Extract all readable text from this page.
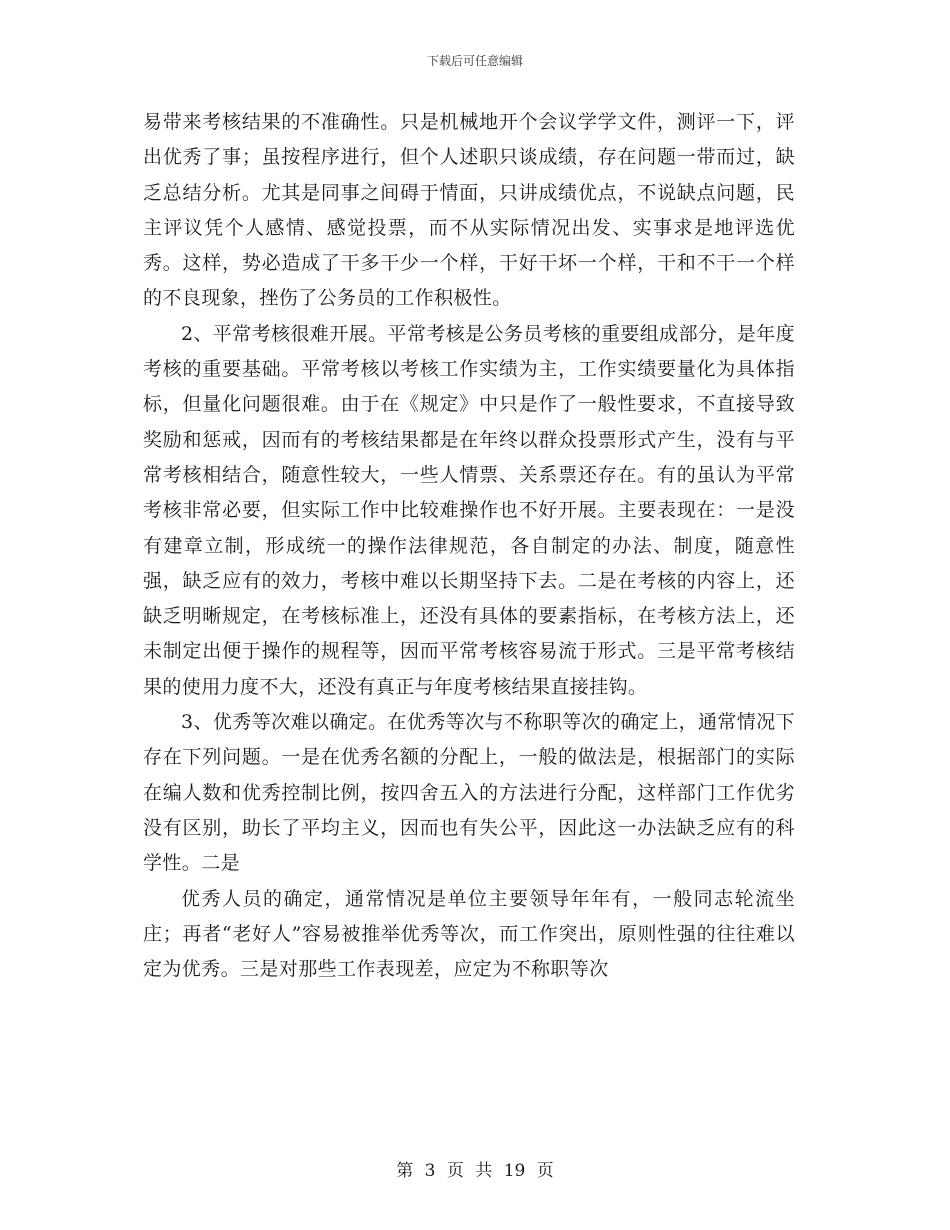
下载后可任意编辑

易带来考核结果的不准确性。只是机械地开个会议学学文件，测评一下，评出优秀了事；虽按程序进行，但个人述职只谈成绩，存在问题一带而过，缺乏总结分析。尤其是同事之间碍于情面，只讲成绩优点，不说缺点问题，民主评议凭个人感情、感觉投票，而不从实际情况出发、实事求是地评选优秀。这样，势必造成了干多干少一个样，干好干坏一个样，干和不干一个样的不良现象，挫伤了公务员的工作积极性。

2、平常考核很难开展。平常考核是公务员考核的重要组成部分，是年度考核的重要基础。平常考核以考核工作实绩为主，工作实绩要量化为具体指标，但量化问题很难。由于在《规定》中只是作了一般性要求，不直接导致奖励和惩戒，因而有的考核结果都是在年终以群众投票形式产生，没有与平常考核相结合，随意性较大，一些人情票、关系票还存在。有的虽认为平常考核非常必要，但实际工作中比较难操作也不好开展。主要表现在：一是没有建章立制，形成统一的操作法律规范，各自制定的办法、制度，随意性强，缺乏应有的效力，考核中难以长期坚持下去。二是在考核的内容上，还缺乏明晰规定，在考核标准上，还没有具体的要素指标，在考核方法上，还未制定出便于操作的规程等，因而平常考核容易流于形式。三是平常考核结果的使用力度不大，还没有真正与年度考核结果直接挂钩。

3、优秀等次难以确定。在优秀等次与不称职等次的确定上，通常情况下存在下列问题。一是在优秀名额的分配上，一般的做法是，根据部门的实际在编人数和优秀控制比例，按四舍五入的方法进行分配，这样部门工作优劣没有区别，助长了平均主义，因而也有失公平，因此这一办法缺乏应有的科学性。二是

优秀人员的确定，通常情况是单位主要领导年年有，一般同志轮流坐庄；再者“老好人”容易被推举优秀等次，而工作突出，原则性强的往往难以定为优秀。三是对那些工作表现差，应定为不称职等次

第 3 页 共 19 页
